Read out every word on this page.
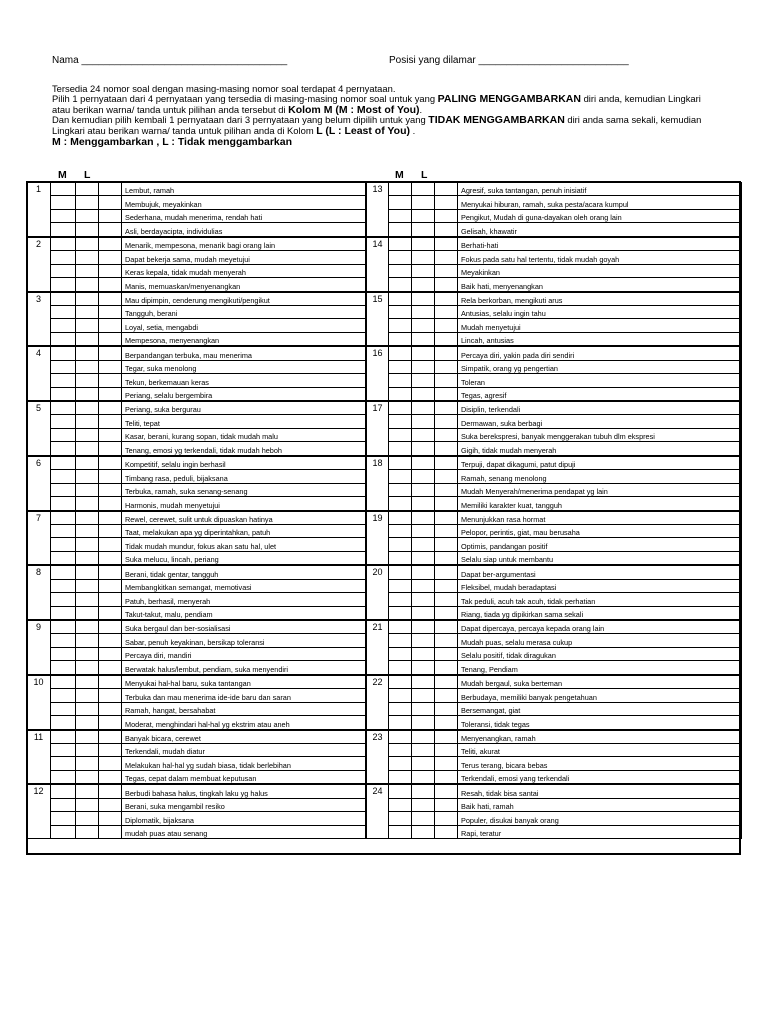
Nama _____________________________________	Posisi yang dilamar ___________________________
Tersedia 24 nomor soal dengan masing-masing nomor soal terdapat 4 pernyataan.
Pilih 1 pernyataan dari 4 pernyataan yang tersedia di masing-masing nomor soal untuk yang PALING MENGGAMBARKAN diri anda, kemudian Lingkari
atau berikan warna/ tanda untuk pilihan anda tersebut di Kolom M (M : Most of You).
Dan kemudian pilih kembali 1 pernyataan dari 3 pernyataan yang belum dipilih untuk yang TIDAK MENGGAMBARKAN diri anda sama sekali, kemudian
Lingkari atau berikan warna/ tanda untuk pilihan anda di Kolom L (L : Least of You) .
M : Menggambarkan , L : Tidak menggambarkan
M L	M L
1				Lembut, ramah
				Membujuk, meyakinkan
				Sederhana, mudah menerima, rendah hati
				Asli, berdayacipta, individulias
2				Menarik, mempesona, menarik bagi orang lain
				Dapat bekerja sama, mudah meyetujui
				Keras kepala, tidak mudah menyerah
				Manis, memuaskan/menyenangkan
3				Mau dipimpin, cenderung mengikuti/pengikut
				Tangguh, berani
				Loyal, setia, mengabdi
				Mempesona, menyenangkan
4				Berpandangan terbuka, mau menerima
				Tegar, suka menolong
				Tekun, berkemauan keras
				Periang, selalu bergembira
5				Periang, suka bergurau
				Teliti, tepat
				Kasar, berani, kurang sopan, tidak mudah malu
				Tenang, emosi yg terkendali, tidak mudah heboh
6				Kompetitif, selalu ingin berhasil
				Timbang rasa, peduli, bijaksana
				Terbuka, ramah, suka senang-senang
				Harmonis, mudah menyetujui
7				Rewel, cerewet, sulit untuk dipuaskan hatinya
				Taat, melakukan apa yg diperintahkan, patuh
				Tidak mudah mundur, fokus akan satu hal, ulet
				Suka melucu, lincah, periang
8				Berani, tidak gentar, tangguh
				Membangkitkan semangat, memotivasi
				Patuh, berhasil, menyerah
				Takut-takut, malu, pendiam
9				Suka bergaul dan ber-sosialisasi
				Sabar, penuh keyakinan, bersikap toleransi
				Percaya diri, mandiri
				Berwatak halus/lembut, pendiam, suka menyendiri
10				Menyukai hal-hal baru, suka tantangan
				Terbuka dan mau menerima ide-ide baru dan saran
				Ramah, hangat, bersahabat
				Moderat, menghindari hal-hal yg ekstrim atau aneh
11				Banyak bicara, cerewet
				Terkendali, mudah diatur
				Melakukan hal-hal yg sudah biasa, tidak berlebihan
				Tegas, cepat dalam membuat keputusan
12				Berbudi bahasa halus, tingkah laku yg halus
				Berani, suka mengambil resiko
				Diplomatik, bijaksana
				mudah puas atau senang
13				Agresif, suka tantangan, penuh inisiatif
				Menyukai hiburan, ramah, suka pesta/acara kumpul
				Pengikut, Mudah di guna-dayakan oleh orang lain
				Gelisah, khawatir
14				Berhati-hati
				Fokus pada satu hal tertentu, tidak mudah goyah
				Meyakinkan
				Baik hati, menyenangkan
15				Rela berkorban, mengikuti arus
				Antusias, selalu ingin tahu
				Mudah menyetujui
				Lincah, antusias
16				Percaya diri, yakin pada diri sendiri
				Simpatik, orang yg pengertian
				Toleran
				Tegas, agresif
17				Disiplin, terkendali
				Dermawan, suka berbagi
				Suka berekspresi, banyak menggerakan tubuh dlm ekspresi
				Gigih, tidak mudah menyerah
18				Terpuji, dapat dikagumi, patut dipuji
				Ramah, senang menolong
				Mudah Menyerah/menerima pendapat yg lain
				Memiliki karakter kuat, tangguh
19				Menunjukkan rasa hormat
				Pelopor, perintis, giat, mau berusaha
				Optimis, pandangan positif
				Selalu siap untuk membantu
20				Dapat ber-argumentasi
				Fleksibel, mudah beradaptasi
				Tak peduli, acuh tak acuh, tidak perhatian
				Riang, tiada yg dipikirkan sama sekali
21				Dapat dipercaya, percaya kepada orang lain
				Mudah puas, selalu merasa cukup
				Selalu positif, tidak diragukan
				Tenang, Pendiam
22				Mudah bergaul, suka berteman
				Berbudaya, memiliki banyak pengetahuan
				Bersemangat, giat
				Toleransi, tidak tegas
23				Menyenangkan, ramah
				Teliti, akurat
				Terus terang, bicara bebas
				Terkendali, emosi yang terkendali
24				Resah, tidak bisa santai
				Baik hati, ramah
				Populer, disukai banyak orang
				Rapi, teratur
